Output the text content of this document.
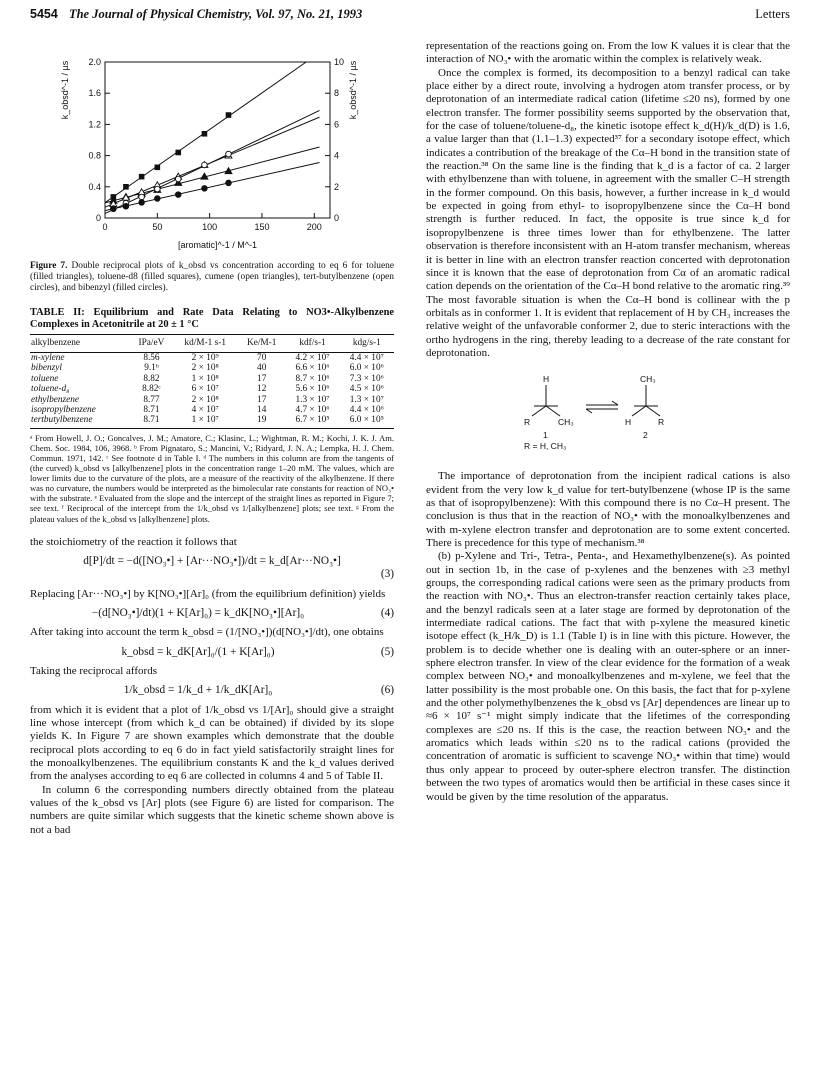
5454 The Journal of Physical Chemistry, Vol. 97, No. 21, 1993	Letters
0	50	100	150	200
0
0.4
0.8
1.2
1.6
2.0
0
2
4
6
8
10
[aromatic]^-1 / M^-1
k_obsd^-1 / µs	k_obsd^-1 / µs

Figure 7. Double reciprocal plots of k_obsd vs concentration according to eq 6 for toluene (filled triangles), toluene-d8 (filled squares), cumene (open triangles), tert-butylbenzene (open circles), and bibenzyl (filled circles).

TABLE II: Equilibrium and Rate Data Relating to NO3•-Alkylbenzene Complexes in Acetonitrile at 20 ± 1 °C

alkylbenzene	IPa/eV	kd/M-1 s-1	Ke/M-1	kdf/s-1	kdg/s-1
m-xylene	8.56	2 × 10⁹	70	4.2 × 10⁷	4.4 × 10⁷
bibenzyl	9.1ᵇ	2 × 10⁸	40	6.6 × 10⁶	6.0 × 10⁶
toluene	8.82	1 × 10⁸	17	8.7 × 10⁶	7.3 × 10⁶
toluene-d₈	8.82ᶜ	6 × 10⁷	12	5.6 × 10⁶	4.5 × 10⁶
ethylbenzene	8.77	2 × 10⁸	17	1.3 × 10⁷	1.3 × 10⁷
isopropylbenzene	8.71	4 × 10⁷	14	4.7 × 10⁶	4.4 × 10⁶
tertbutylbenzene	8.71	1 × 10⁷	19	6.7 × 10⁵	6.0 × 10⁵

ᵃ From Howell, J. O.; Goncalves, J. M.; Amatore, C.; Klasinc, L.; Wightman, R. M.; Kochi, J. K. J. Am. Chem. Soc. 1984, 106, 3968. ᵇ From Pignataro, S.; Mancini, V.; Ridyard, J. N. A.; Lempka, H. J. Chem. Commun. 1971, 142. ᶜ See footnote d in Table I. ᵈ The numbers in this column are from the tangents of (the curved) k_obsd vs [alkylbenzene] plots in the concentration range 1–20 mM. The values, which are lower limits due to the curvature of the plots, are a measure of the reactivity of the alkylbenzene. If there was no curvature, the numbers would be interpreted as the bimolecular rate constants for reaction of NO₃• with the substrate. ᵉ Evaluated from the slope and the intercept of the straight lines as reported in Figure 7; see text. ᶠ Reciprocal of the intercept from the 1/k_obsd vs 1/[alkylbenzene] plots; see text. ᵍ From the plateau values of the k_obsd vs [alkylbenzene] plots.

the stoichiometry of the reaction it follows that

d[P]/dt = −d([NO₃•] + [Ar···NO₃•])/dt = k_d[Ar···NO₃•]
(3)

Replacing [Ar···NO₃•] by K[NO₃•][Ar]₀ (from the equilibrium definition) yields

−(d[NO₃•]/dt)(1 + K[Ar]₀) = k_dK[NO₃•][Ar]₀	(4)

After taking into account the term k_obsd = (1/[NO₃•])(d[NO₃•]/dt), one obtains

k_obsd = k_dK[Ar]₀/(1 + K[Ar]₀)	(5)

Taking the reciprocal affords

1/k_obsd = 1/k_d + 1/k_dK[Ar]₀	(6)

from which it is evident that a plot of 1/k_obsd vs 1/[Ar]₀ should give a straight line whose intercept (from which k_d can be obtained) if divided by its slope yields K. In Figure 7 are shown examples which demonstrate that the double reciprocal plots according to eq 6 do in fact yield satisfactorily straight lines for the monoalkylbenzenes. The equilibrium constants K and the k_d values derived from the analyses according to eq 6 are collected in columns 4 and 5 of Table II.

In column 6 the corresponding numbers directly obtained from the plateau values of the k_obsd vs [Ar] plots (see Figure 6) are listed for comparison. The numbers are quite similar which suggests that the kinetic scheme shown above is not a bad

representation of the reactions going on. From the low K values it is clear that the interaction of NO₃• with the aromatic within the complex is relatively weak.

Once the complex is formed, its decomposition to a benzyl radical can take place either by a direct route, involving a hydrogen atom transfer process, or by deprotonation of an intermediate radical cation (lifetime ≤20 ns), formed by one electron transfer. The former possibility seems supported by the observation that, for the case of toluene/toluene-d₈, the kinetic isotope effect k_d(H)/k_d(D) is 1.6, a value larger than that (1.1–1.3) expected³⁷ for a secondary isotope effect, which indicates a contribution of the breakage of the Cα–H bond in the transition state of the reaction.³⁸ On the same line is the finding that k_d is a factor of ca. 2 larger with ethylbenzene than with toluene, in agreement with the smaller C–H strength in the former compound. On this basis, however, a further increase in k_d would be expected in going from ethyl- to isopropylbenzene since the Cα–H bond strength is further reduced. In fact, the opposite is true since k_d for isopropylbenzene is three times lower than for ethylbenzene. The latter observation is therefore inconsistent with an H-atom transfer mechanism, whereas it is better in line with an electron transfer reaction concerted with deprotonation since it is known that the ease of deprotonation from Cα of an aromatic radical cation depends on the orientation of the Cα–H bond relative to the aromatic ring.³⁹ The most favorable situation is when the Cα–H bond is collinear with the p orbitals as in conformer 1. It is evident that replacement of H by CH₃ increases the relative weight of the unfavorable conformer 2, due to steric interactions with the ortho hydrogens in the ring, thereby leading to a decrease of the rate constant for deprotonation.

H
R	CH₃
1
CH₃
H	R
2
R = H, CH₃

The importance of deprotonation from the incipient radical cations is also evident from the very low k_d value for tert-butylbenzene (whose IP is the same as that of isopropylbenzene): With this compound there is no Cα–H present. The conclusion is thus that in the reaction of NO₃• with the monoalkylbenzenes and with m-xylene electron transfer and deprotonation are to some extent concerted. There is precedence for this type of mechanism.³⁸

(b) p-Xylene and Tri-, Tetra-, Penta-, and Hexamethylbenzene(s). As pointed out in section 1b, in the case of p-xylenes and the benzenes with ≥3 methyl groups, the corresponding radical cations were seen as the primary products from the reaction with NO₃•. Thus an electron-transfer reaction certainly takes place, and the benzyl radicals seen at a later stage are formed by deprotonation of the intermediate radical cations. The fact that with p-xylene the measured kinetic isotope effect (k_H/k_D) is 1.1 (Table I) is in line with this picture. However, the problem is to decide whether one is dealing with an outer-sphere or an inner-sphere electron transfer. In view of the clear evidence for the formation of a weak complex between NO₃• and monoalkylbenzenes and m-xylene, we feel that the latter possibility is the most probable one. On this basis, the fact that for p-xylene and the other polymethylbenzenes the k_obsd vs [Ar] dependences are linear up to ≈6 × 10⁷ s⁻¹ might simply indicate that the lifetimes of the corresponding complexes are ≤20 ns. If this is the case, the reaction between NO₃• and the aromatics which leads within ≤20 ns to the radical cations (provided the concentration of aromatic is sufficient to scavenge NO₃• within that time) would thus only appear to proceed by outer-sphere electron transfer. The distinction between the two types of aromatics would then be artificial in these cases since it would be given by the time resolution of the apparatus.
